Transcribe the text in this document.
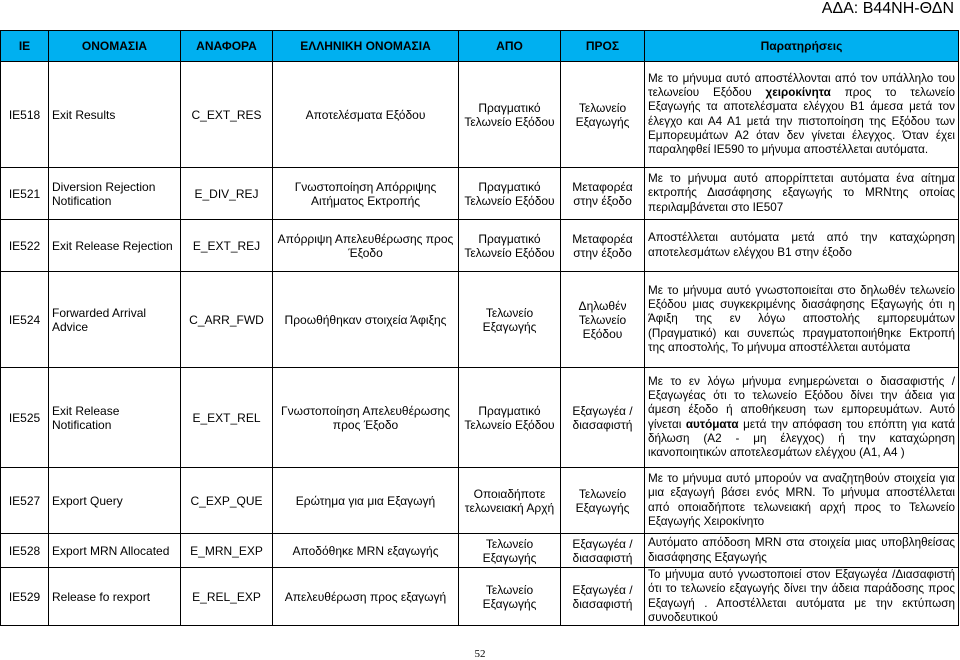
ΑΔΑ: Β44ΝΗ-ΘΔΝ
ΙΕ	ΟΝΟΜΑΣΙΑ	ΑΝΑΦΟΡΑ	ΕΛΛΗΝΙΚΗ ΟΝΟΜΑΣΙΑ	ΑΠΟ	ΠΡΟΣ	Παρατηρήσεις
IE518	Exit Results	C_EXT_RES	Αποτελέσματα Εξόδου	Πραγματικό Τελωνείο Εξόδου	Τελωνείο Εξαγωγής	Με το μήνυμα αυτό αποστέλλονται από τον υπάλληλο του τελωνείου Εξόδου χειροκίνητα προς το τελωνείο Εξαγωγής τα αποτελέσματα ελέγχου Β1 άμεσα μετά τον έλεγχο και Α4 Α1 μετά την πιστοποίηση της Εξόδου των Εμπορευμάτων Α2 όταν δεν γίνεται έλεγχος. Όταν έχει παραληφθεί ΙΕ590 το μήνυμα αποστέλλεται αυτόματα.
IE521	Diversion Rejection Notification	E_DIV_REJ	Γνωστοποίηση Απόρριψης Αιτήματος Εκτροπής	Πραγματικό Τελωνείο Εξόδου	Μεταφορέα στην έξοδο	Με το μήνυμα αυτό απορρίπτεται αυτόματα ένα αίτημα εκτροπής Διασάφησης εξαγωγής το MRNτης οποίας περιλαμβάνεται στο ΙΕ507
IE522	Exit Release Rejection	E_EXT_REJ	Απόρριψη Απελευθέρωσης προς Έξοδο	Πραγματικό Τελωνείο Εξόδου	Μεταφορέα στην έξοδο	Αποστέλλεται αυτόματα μετά από την καταχώρηση αποτελεσμάτων ελέγχου Β1 στην έξοδο
IE524	Forwarded Arrival Advice	C_ARR_FWD	Προωθήθηκαν στοιχεία Άφιξης	Τελωνείο Εξαγωγής	Δηλωθέν Τελωνείο Εξόδου	Με το μήνυμα αυτό γνωστοποιείται στο δηλωθέν τελωνείο Εξόδου μιας συγκεκριμένης διασάφησης Εξαγωγής ότι η Άφιξη της εν λόγω αποστολής εμπορευμάτων (Πραγματικό) και συνεπώς πραγματοποιήθηκε Εκτροπή της αποστολής, Το μήνυμα αποστέλλεται αυτόματα
IE525	Exit Release Notification	E_EXT_REL	Γνωστοποίηση Απελευθέρωσης προς Έξοδο	Πραγματικό Τελωνείο Εξόδου	Εξαγωγέα /διασαφιστή	Με το εν λόγω μήνυμα ενημερώνεται ο διασαφιστής /Εξαγωγέας ότι το τελωνείο Εξόδου δίνει την άδεια για άμεση έξοδο ή αποθήκευση των εμπορευμάτων. Αυτό γίνεται αυτόματα μετά την απόφαση του επόπτη για κατά δήλωση (Α2 - μη έλεγχος) ή την καταχώρηση ικανοποιητικών αποτελεσμάτων ελέγχου (Α1, Α4 )
IE527	Export Query	C_EXP_QUE	Ερώτημα για μια Εξαγωγή	Οποιαδήποτε τελωνειακή Αρχή	Τελωνείο Εξαγωγής	Με το μήνυμα αυτό μπορούν να αναζητηθούν στοιχεία για μια εξαγωγή βάσει ενός MRN. Το μήνυμα αποστέλλεται από οποιαδήποτε τελωνειακή αρχή προς το Τελωνείο Εξαγωγής Χειροκίνητο
IE528	Export MRN Allocated	E_MRN_EXP	Αποδόθηκε MRN εξαγωγής	Τελωνείο Εξαγωγής	Εξαγωγέα /διασαφιστή	Αυτόματο απόδοση MRN στα στοιχεία μιας υποβληθείσας διασάφησης Εξαγωγής
IE529	Release fo rexport	E_REL_EXP	Απελευθέρωση προς εξαγωγή	Τελωνείο Εξαγωγής	Εξαγωγέα /διασαφιστή	Το μήνυμα αυτό γνωστοποιεί στον Εξαγωγέα /Διασαφιστή ότι το τελωνείο εξαγωγής δίνει την άδεια παράδοσης προς Εξαγωγή . Αποστέλλεται αυτόματα με την εκτύπωση συνοδευτικού
52
